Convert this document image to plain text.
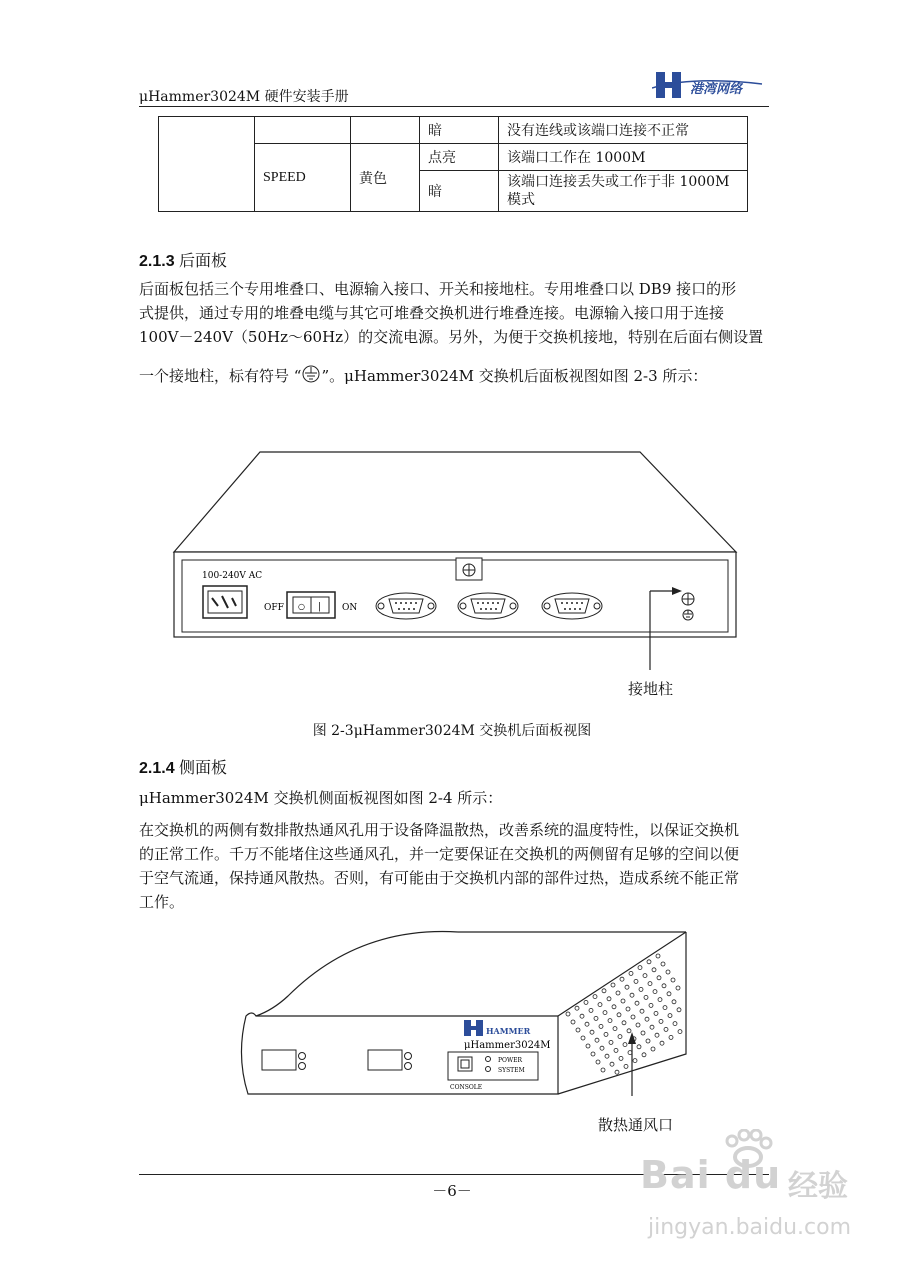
μHammer3024M 硬件安装手册	港湾网络
			暗	没有连线或该端口连接不正常
	SPEED	黄色	点亮	该端口工作在 1000M
			暗	该端口连接丢失或工作于非 1000M
模式
2.1.3 后面板
后面板包括三个专用堆叠口、电源输入接口、开关和接地柱。专用堆叠口以 DB9 接口的形
式提供，通过专用的堆叠电缆与其它可堆叠交换机进行堆叠连接。电源输入接口用于连接
100V－240V（50Hz～60Hz）的交流电源。另外，为便于交换机接地，特别在后面右侧设置
一个接地柱，标有符号 “ ”。μHammer3024M 交换机后面板视图如图 2-3 所示：
100-240V AC
OFF ○ | ON
接地柱
图 2-3μHammer3024M 交换机后面板视图
2.1.4 侧面板
μHammer3024M 交换机侧面板视图如图 2-4 所示：
在交换机的两侧有数排散热通风孔用于设备降温散热，改善系统的温度特性，以保证交换机
的正常工作。千万不能堵住这些通风孔，并一定要保证在交换机的两侧留有足够的空间以便
于空气流通，保持通风散热。否则，有可能由于交换机内部的部件过热，造成系统不能正常
工作。
HAMMER
μHammer3024M
POWER
SYSTEM
CONSOLE
散热通风口
－6－	Bai du 经验
jingyan.baidu.com
